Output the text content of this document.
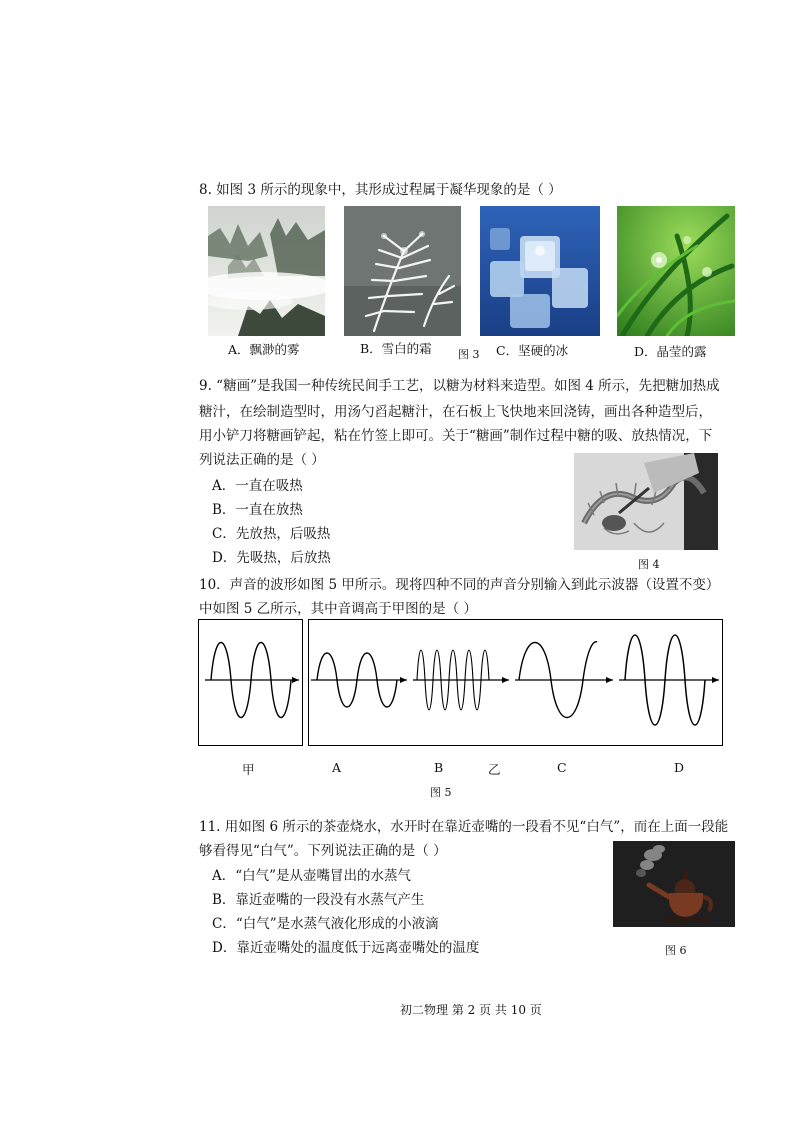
8. 如图 3 所示的现象中，其形成过程属于凝华现象的是（ ）
A．飘渺的雾	B．雪白的霜 图 3 C．坚硬的冰	D．晶莹的露
9. “糖画”是我国一种传统民间手工艺，以糖为材料来造型。如图 4 所示，先把糖加热成
糖汁，在绘制造型时，用汤勺舀起糖汁，在石板上飞快地来回浇铸，画出各种造型后，
用小铲刀将糖画铲起，粘在竹签上即可。关于“糖画”制作过程中糖的吸、放热情况，下
列说法正确的是（ ）
A．一直在吸热
B．一直在放热
C．先放热，后吸热
D．先吸热，后放热	图 4
10．声音的波形如图 5 甲所示。现将四种不同的声音分别输入到此示波器（设置不变）
中如图 5 乙所示，其中音调高于甲图的是（ ）
甲	A	B	乙	C	D
图 5
11. 用如图 6 所示的茶壶烧水，水开时在靠近壶嘴的一段看不见“白气”，而在上面一段能
够看得见“白气”。下列说法正确的是（ ）
A．“白气”是从壶嘴冒出的水蒸气
B．靠近壶嘴的一段没有水蒸气产生
C．“白气”是水蒸气液化形成的小液滴
D．靠近壶嘴处的温度低于远离壶嘴处的温度	图 6
初二物理 第 2 页 共 10 页
